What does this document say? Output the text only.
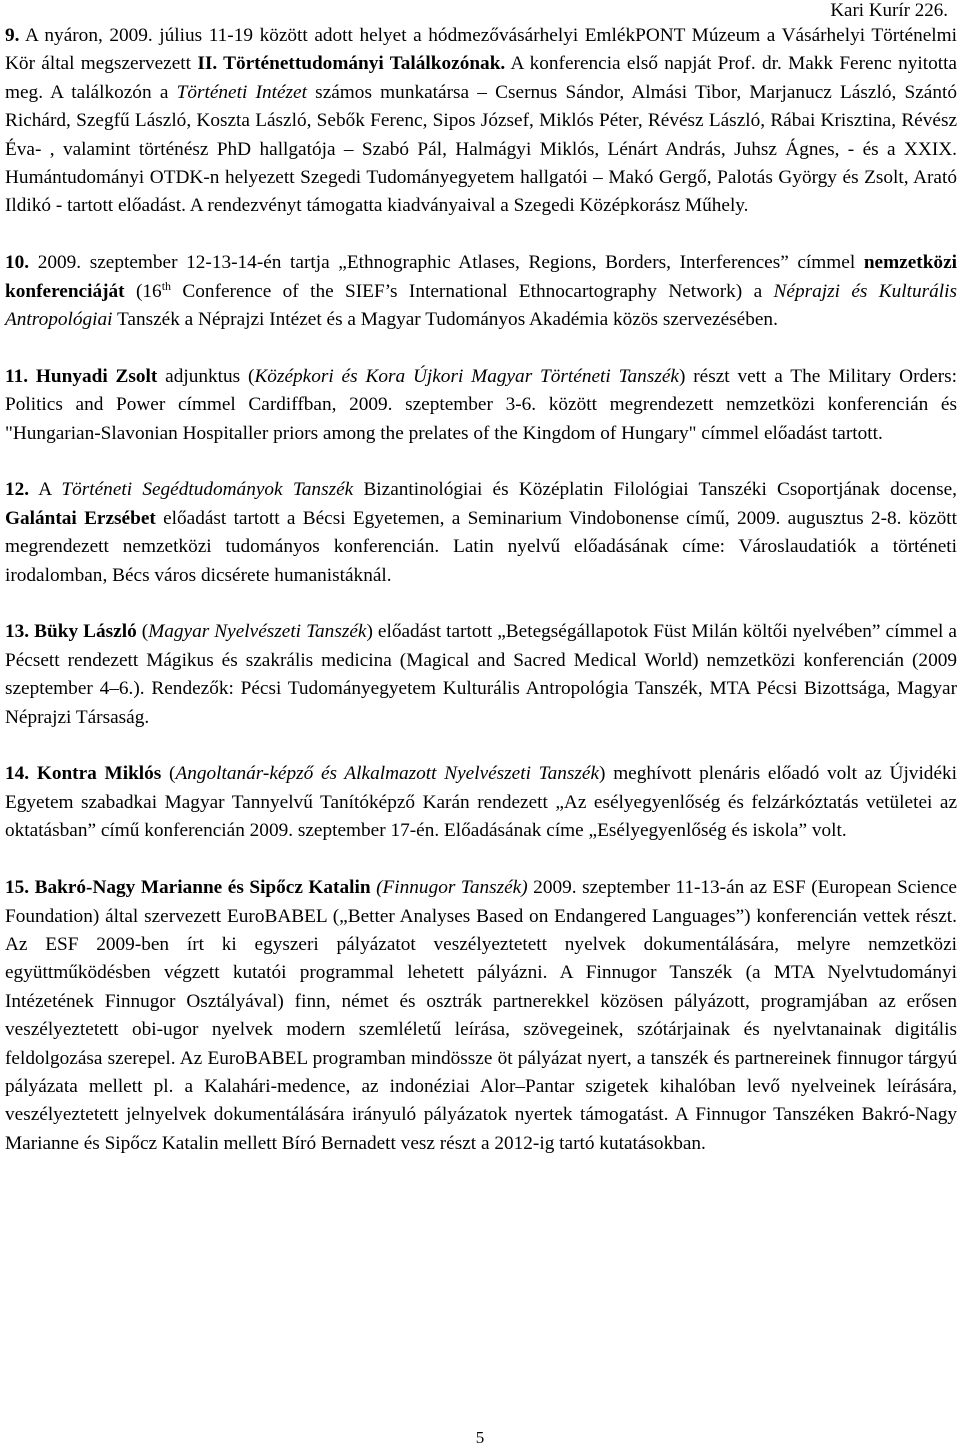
Kari Kurír 226.

9. A nyáron, 2009. július 11-19 között adott helyet a hódmezővásárhelyi EmlékPONT Múzeum a Vásárhelyi Történelmi Kör által megszervezett II. Történettudományi Találkozónak. A konferencia első napját Prof. dr. Makk Ferenc nyitotta meg. A találkozón a Történeti Intézet számos munkatársa – Csernus Sándor, Almási Tibor, Marjanucz László, Szántó Richárd, Szegfű László, Koszta László, Sebők Ferenc, Sipos József, Miklós Péter, Révész László, Rábai Krisztina, Révész Éva- , valamint történész PhD hallgatója – Szabó Pál, Halmágyi Miklós, Lénárt András, Juhsz Ágnes, - és a XXIX. Humántudományi OTDK-n helyezett Szegedi Tudományegyetem hallgatói – Makó Gergő, Palotás György és Zsolt, Arató Ildikó - tartott előadást. A rendezvényt támogatta kiadványaival a Szegedi Középkorász Műhely.

10. 2009. szeptember 12-13-14-én tartja „Ethnographic Atlases, Regions, Borders, Interferences” címmel nemzetközi konferenciáját (16th Conference of the SIEF’s International Ethnocartography Network) a Néprajzi és Kulturális Antropológiai Tanszék a Néprajzi Intézet és a Magyar Tudományos Akadémia közös szervezésében.

11. Hunyadi Zsolt adjunktus (Középkori és Kora Újkori Magyar Történeti Tanszék) részt vett a The Military Orders: Politics and Power címmel Cardiffban, 2009. szeptember 3-6. között megrendezett nemzetközi konferencián és "Hungarian-Slavonian Hospitaller priors among the prelates of the Kingdom of Hungary" címmel előadást tartott.

12. A Történeti Segédtudományok Tanszék Bizantinológiai és Középlatin Filológiai Tanszéki Csoportjának docense, Galántai Erzsébet előadást tartott a Bécsi Egyetemen, a Seminarium Vindobonense című, 2009. augusztus 2-8. között megrendezett nemzetközi tudományos konferencián. Latin nyelvű előadásának címe: Városlaudatiók a történeti irodalomban, Bécs város dicsérete humanistáknál.

13. Büky László (Magyar Nyelvészeti Tanszék) előadást tartott „Betegségállapotok Füst Milán költői nyelvében” címmel a Pécsett rendezett Mágikus és szakrális medicina (Magical and Sacred Medical World) nemzetközi konferencián (2009 szeptember 4–6.). Rendezők: Pécsi Tudományegyetem Kulturális Antropológia Tanszék, MTA Pécsi Bizottsága, Magyar Néprajzi Társaság.

14. Kontra Miklós (Angoltanár-képző és Alkalmazott Nyelvészeti Tanszék) meghívott plenáris előadó volt az Újvidéki Egyetem szabadkai Magyar Tannyelvű Tanítóképző Karán rendezett „Az esélyegyenlőség és felzárkóztatás vetületei az oktatásban” című konferencián 2009. szeptember 17-én. Előadásának címe „Esélyegyenlőség és iskola” volt.

15. Bakró-Nagy Marianne és Sipőcz Katalin (Finnugor Tanszék) 2009. szeptember 11-13-án az ESF (European Science Foundation) által szervezett EuroBABEL („Better Analyses Based on Endangered Languages”) konferencián vettek részt. Az ESF 2009-ben írt ki egyszeri pályázatot veszélyeztetett nyelvek dokumentálására, melyre nemzetközi együttműködésben végzett kutatói programmal lehetett pályázni. A Finnugor Tanszék (a MTA Nyelvtudományi Intézetének Finnugor Osztályával) finn, német és osztrák partnerekkel közösen pályázott, programjában az erősen veszélyeztetett obi-ugor nyelvek modern szemléletű leírása, szövegeinek, szótárjainak és nyelvtanainak digitális feldolgozása szerepel. Az EuroBABEL programban mindössze öt pályázat nyert, a tanszék és partnereinek finnugor tárgyú pályázata mellett pl. a Kalahári-medence, az indonéziai Alor–Pantar szigetek kihalóban levő nyelveinek leírására, veszélyeztetett jelnyelvek dokumentálására irányuló pályázatok nyertek támogatást. A Finnugor Tanszéken Bakró-Nagy Marianne és Sipőcz Katalin mellett Bíró Bernadett vesz részt a 2012-ig tartó kutatásokban.

5
